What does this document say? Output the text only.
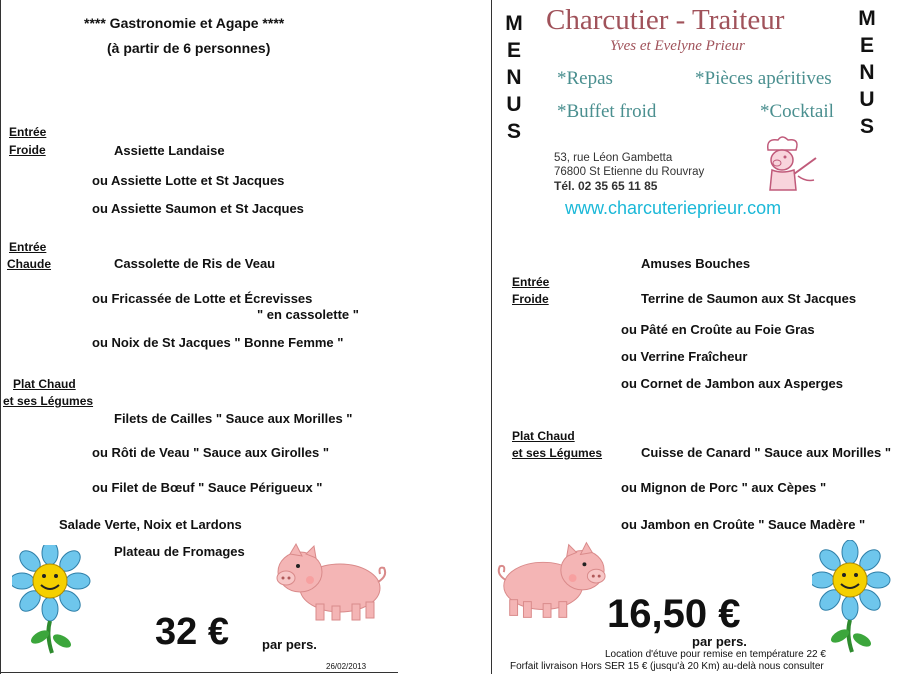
**** Gastronomie et Agape ****
(à partir de 6 personnes)
Entrée
Froide	Assiette Landaise
ou Assiette Lotte et St Jacques
ou Assiette Saumon et St Jacques
Entrée
Chaude	Cassolette de Ris de Veau
ou Fricassée de Lotte et Écrevisses
" en cassolette "
ou Noix de St Jacques " Bonne Femme "
Plat Chaud
et ses Légumes
Filets de Cailles " Sauce aux Morilles "
ou Rôti de Veau " Sauce aux Girolles "
ou Filet de Bœuf " Sauce Périgueux "
Salade Verte, Noix et Lardons
Plateau de Fromages
32 €	par pers.
26/02/2013
M
E
N
U
S
M
E
N
U
S
Charcutier - Traiteur
Yves et Evelyne Prieur
*Repas	*Pièces apéritives
*Buffet froid	*Cocktail
53, rue Léon Gambetta
76800 St Etienne du Rouvray
Tél. 02 35 65 11 85
www.charcuterieprieur.com
Amuses Bouches
Entrée
Froide	Terrine de Saumon aux St Jacques
ou Pâté en Croûte au Foie Gras
ou Verrine Fraîcheur
ou Cornet de Jambon aux Asperges
Plat Chaud
et ses Légumes	Cuisse de Canard " Sauce aux Morilles "
ou Mignon de Porc " aux Cèpes "
ou Jambon en Croûte " Sauce Madère "
16,50 €
par pers.
Location d'étuve pour remise en température 22 €
Forfait livraison Hors SER 15 € (jusqu'à 20 Km) au-delà nous consulter
